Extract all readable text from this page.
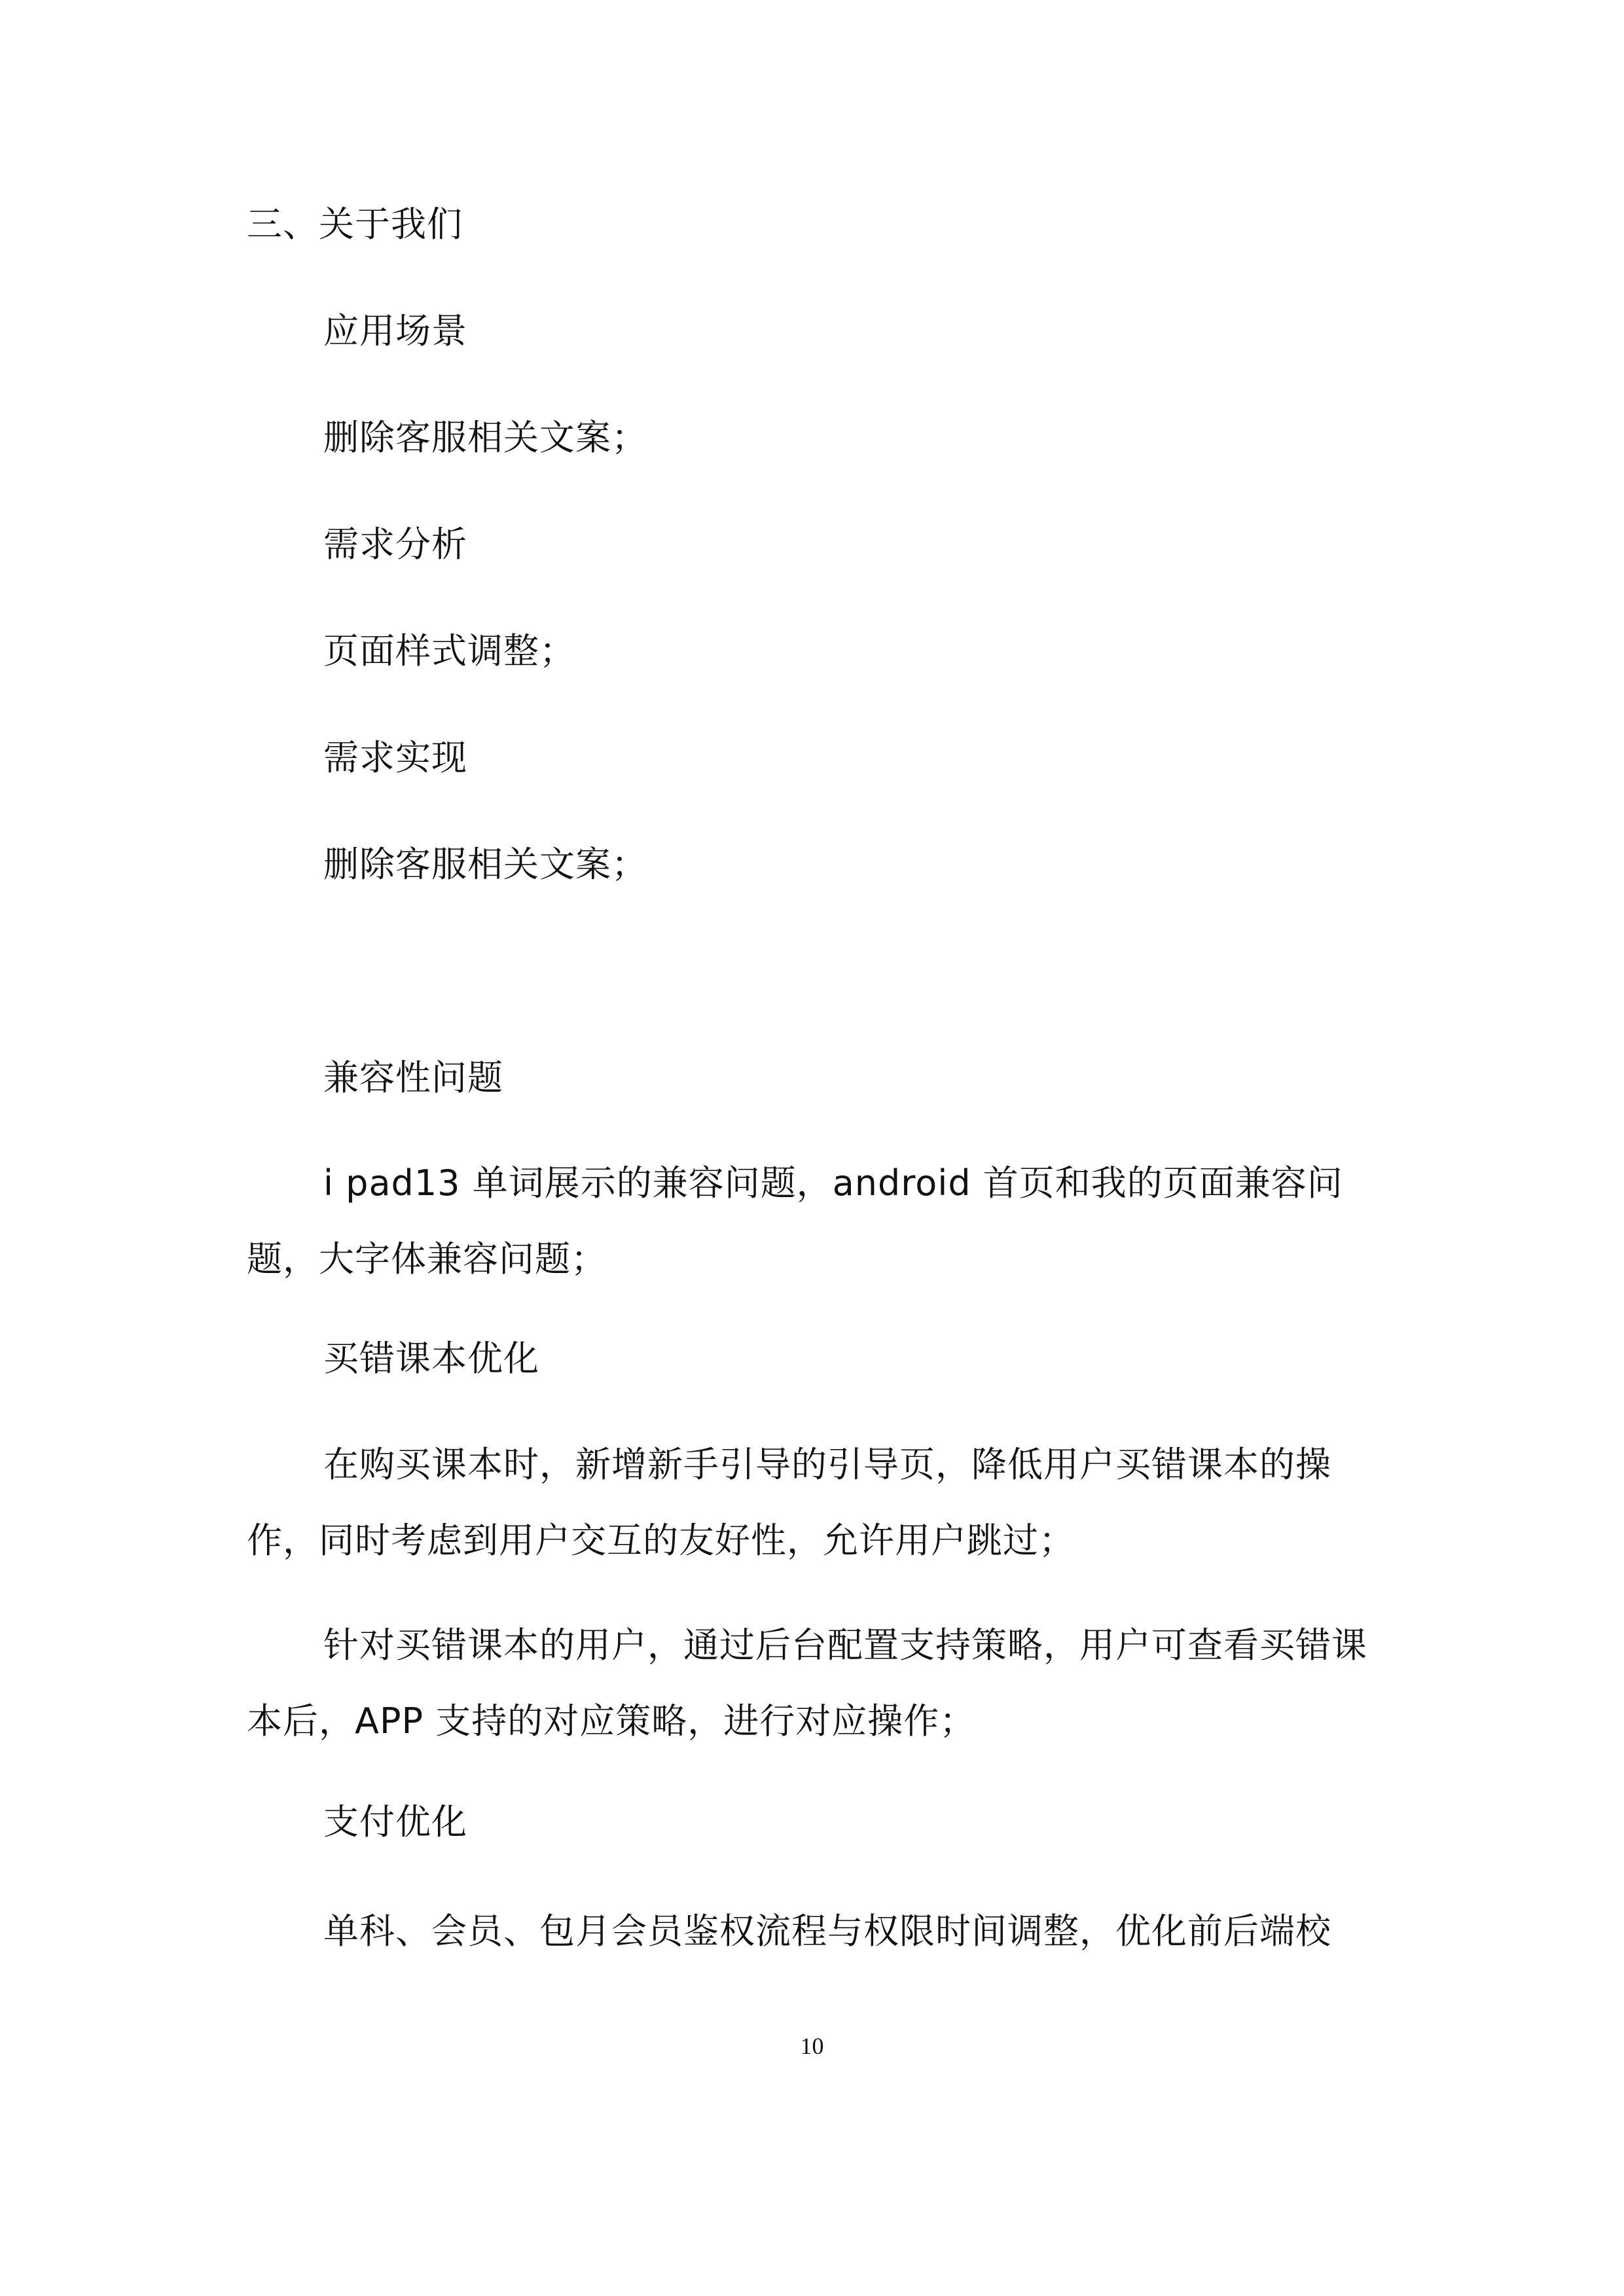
三、关于我们
应用场景
删除客服相关文案；
需求分析
页面样式调整；
需求实现
删除客服相关文案；
兼容性问题
i pad13 单词展示的兼容问题，android 首页和我的页面兼容问题，大字体兼容问题；
买错课本优化
在购买课本时，新增新手引导的引导页，降低用户买错课本的操作，同时考虑到用户交互的友好性，允许用户跳过；
针对买错课本的用户，通过后台配置支持策略，用户可查看买错课本后，APP 支持的对应策略，进行对应操作；
支付优化
单科、会员、包月会员鉴权流程与权限时间调整，优化前后端校
10
